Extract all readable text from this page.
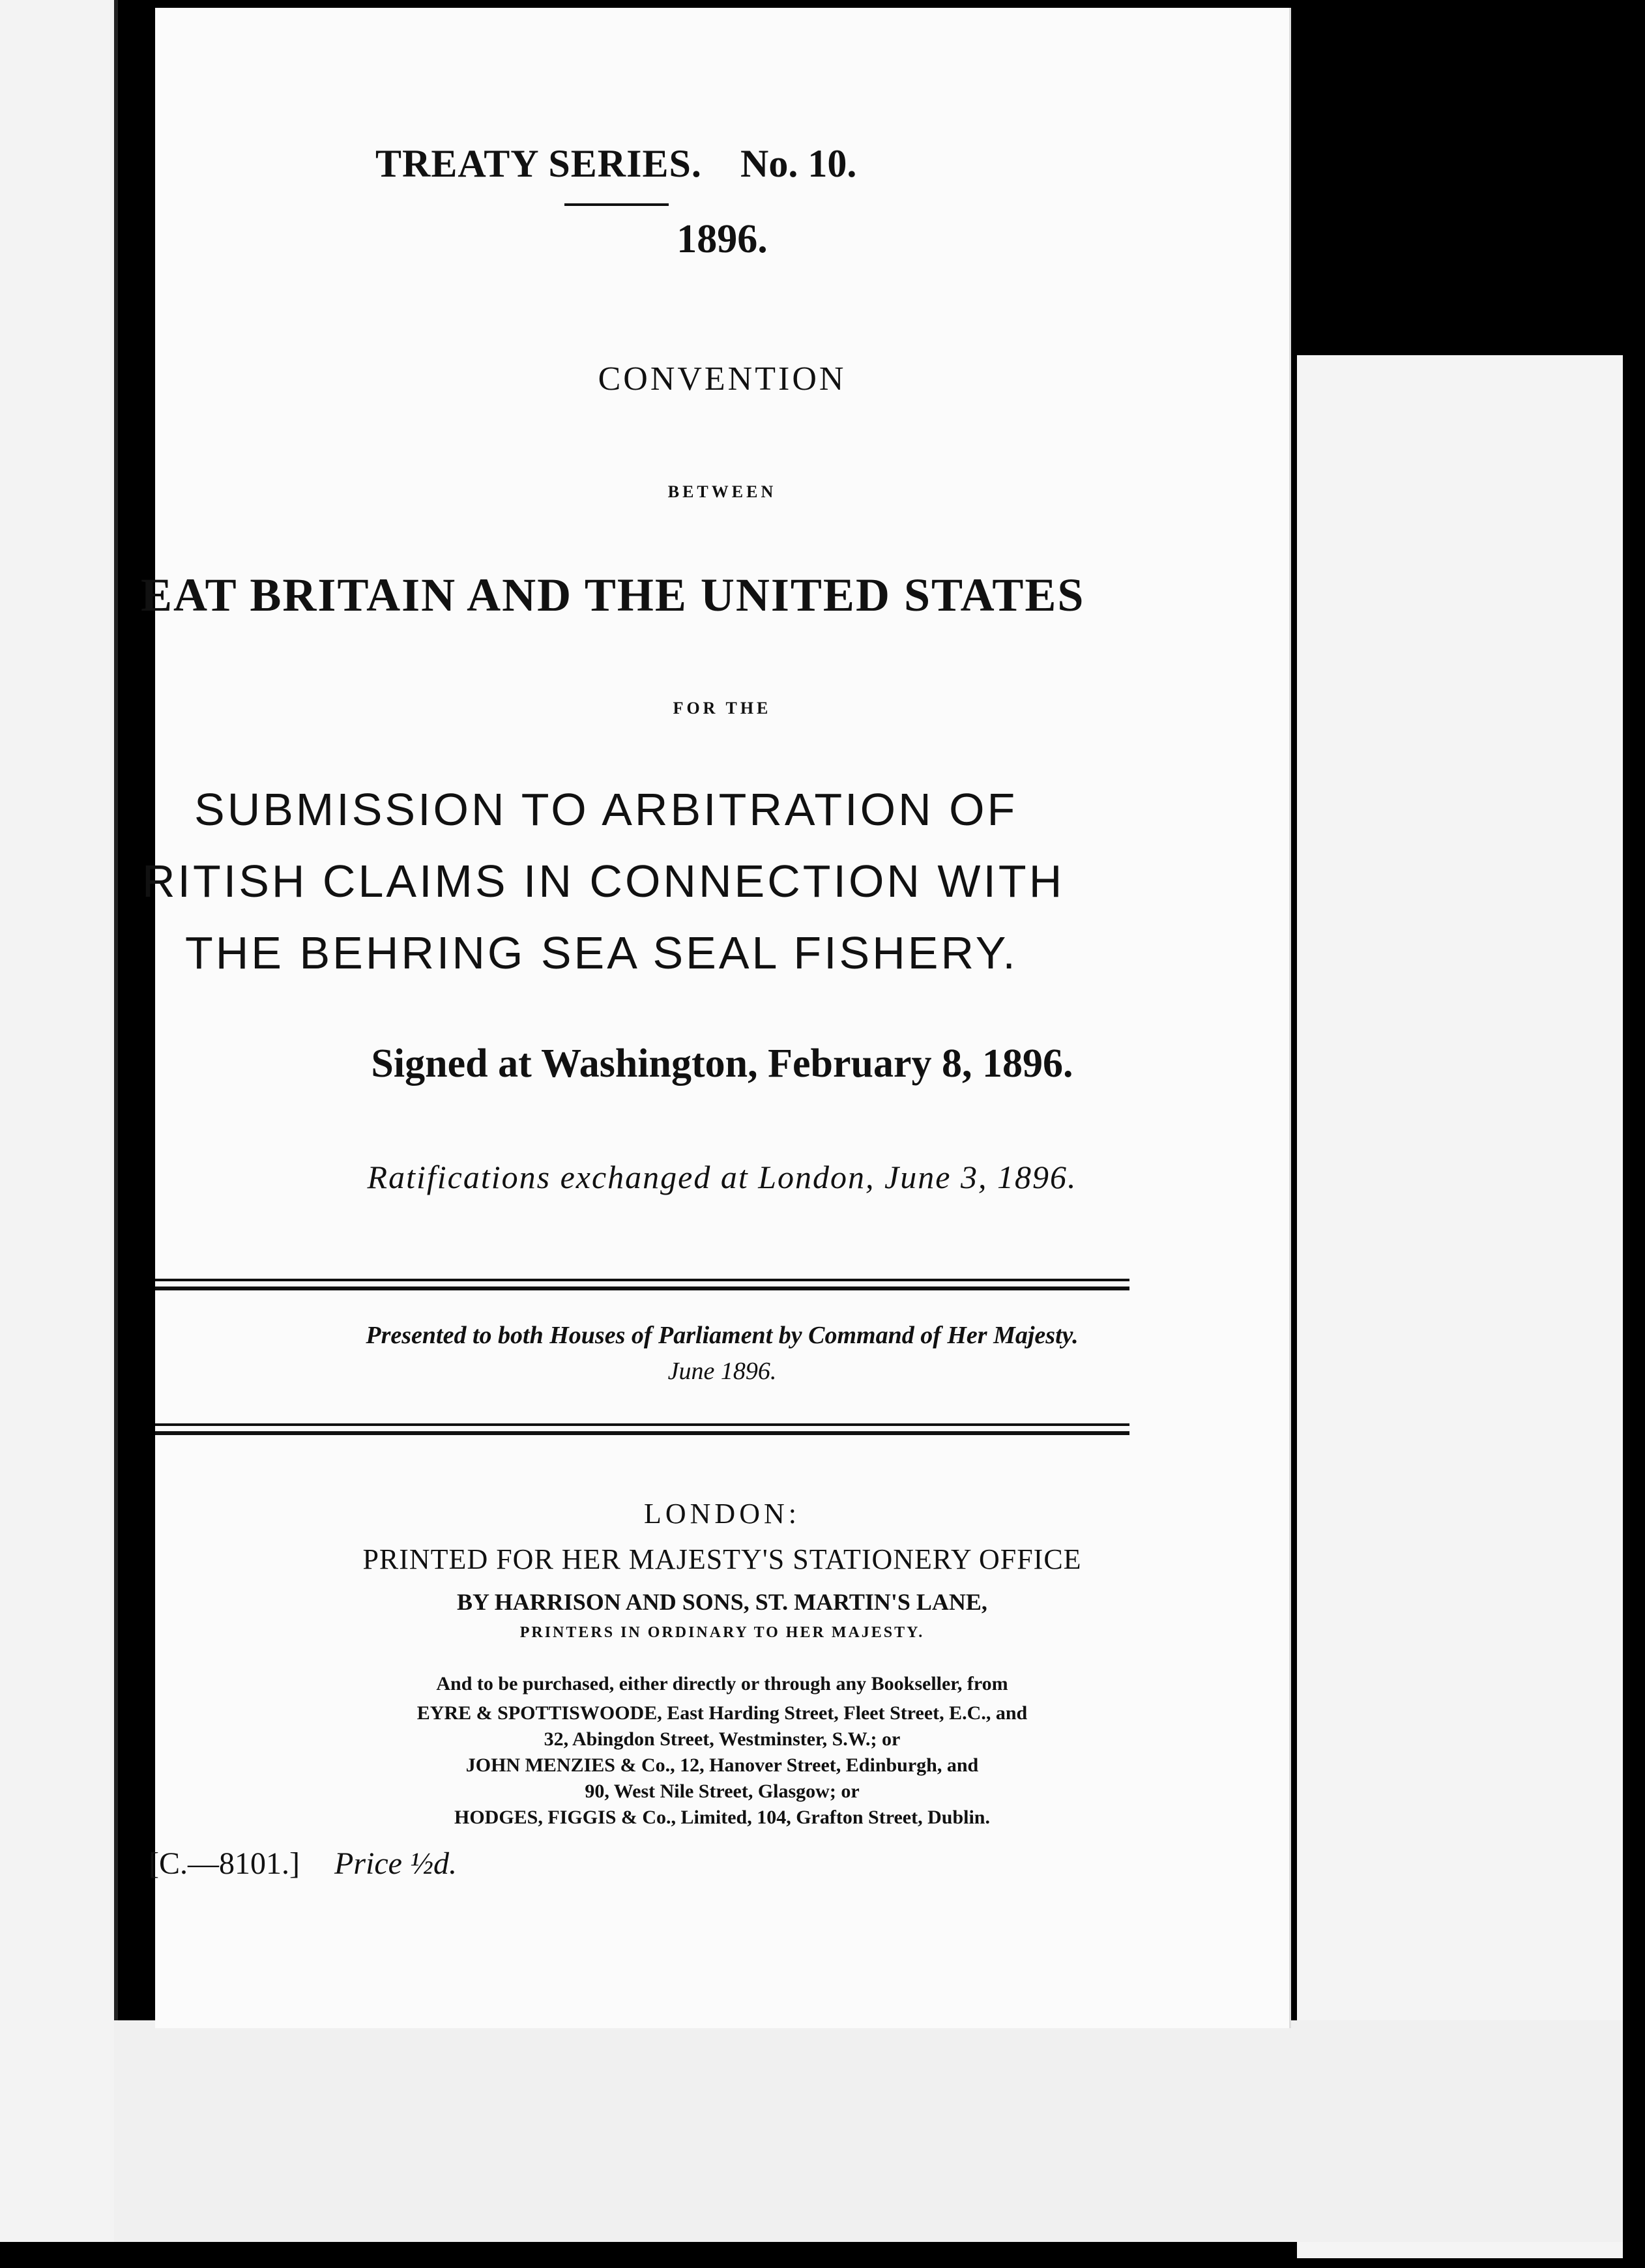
TREATY SERIES. No. 10.
1896.
CONVENTION
BETWEEN
EAT BRITAIN AND THE UNITED STATES
FOR THE
SUBMISSION TO ARBITRATION OF
RITISH CLAIMS IN CONNECTION WITH
THE BEHRING SEA SEAL FISHERY.
Signed at Washington, February 8, 1896.
Ratifications exchanged at London, June 3, 1896.
Presented to both Houses of Parliament by Command of Her Majesty.
June 1896.
LONDON:
PRINTED FOR HER MAJESTY'S STATIONERY OFFICE
BY HARRISON AND SONS, ST. MARTIN'S LANE,
PRINTERS IN ORDINARY TO HER MAJESTY.
And to be purchased, either directly or through any Bookseller, from
EYRE & SPOTTISWOODE, East Harding Street, Fleet Street, E.C., and
32, Abingdon Street, Westminster, S.W.; or
JOHN MENZIES & Co., 12, Hanover Street, Edinburgh, and
90, West Nile Street, Glasgow; or
HODGES, FIGGIS & Co., Limited, 104, Grafton Street, Dublin.
[C.—8101.] Price ½d.
